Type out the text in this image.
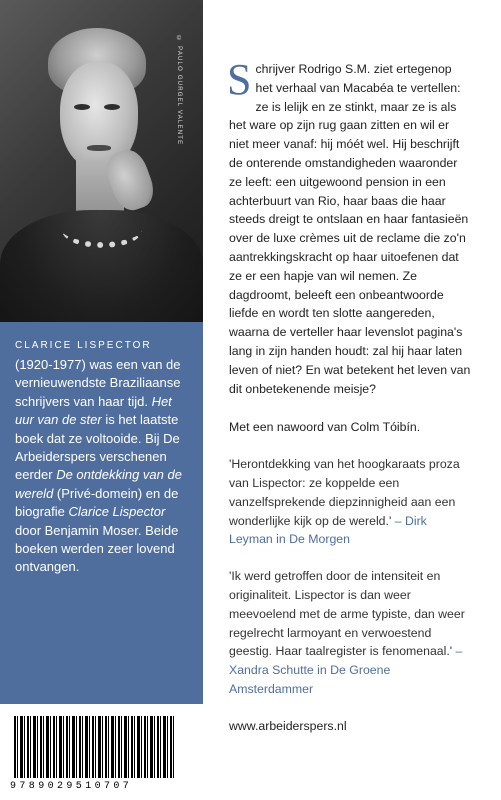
© PAULO GURGEL VALENTE
CLARICE LISPECTOR
(1920-1977) was een van de vernieuwendste Braziliaanse schrijvers van haar tijd. Het uur van de ster is het laatste boek dat ze voltooide. Bij De Arbeiderspers verschenen eerder De ontdekking van de wereld (Privé-domein) en de biografie Clarice Lispector door Benjamin Moser. Beide boeken werden zeer lovend ontvangen.
9789029510707

Schrijver Rodrigo S.M. ziet ertegenop het verhaal van Macabéa te vertellen: ze is lelijk en ze stinkt, maar ze is als het ware op zijn rug gaan zitten en wil er niet meer vanaf: hij móét wel. Hij beschrijft de onterende omstandigheden waaronder ze leeft: een uitgewoond pension in een achterbuurt van Rio, haar baas die haar steeds dreigt te ontslaan en haar fantasieën over de luxe crèmes uit de reclame die zo'n aantrekkingskracht op haar uitoefenen dat ze er een hapje van wil nemen. Ze dagdroomt, beleeft een onbeantwoorde liefde en wordt ten slotte aangereden, waarna de verteller haar levenslot pagina's lang in zijn handen houdt: zal hij haar laten leven of niet? En wat betekent het leven van dit onbetekenende meisje?

Met een nawoord van Colm Tóibín.

'Herontdekking van het hoogkaraats proza van Lispector: ze koppelde een vanzelfsprekende diepzinnigheid aan een wonderlijke kijk op de wereld.' – Dirk Leyman in De Morgen

'Ik werd getroffen door de intensiteit en originaliteit. Lispector is dan weer meevoelend met de arme typiste, dan weer regelrecht larmoyant en verwoestend geestig. Haar taalregister is fenomenaal.' – Xandra Schutte in De Groene Amsterdammer

www.arbeiderspers.nl
